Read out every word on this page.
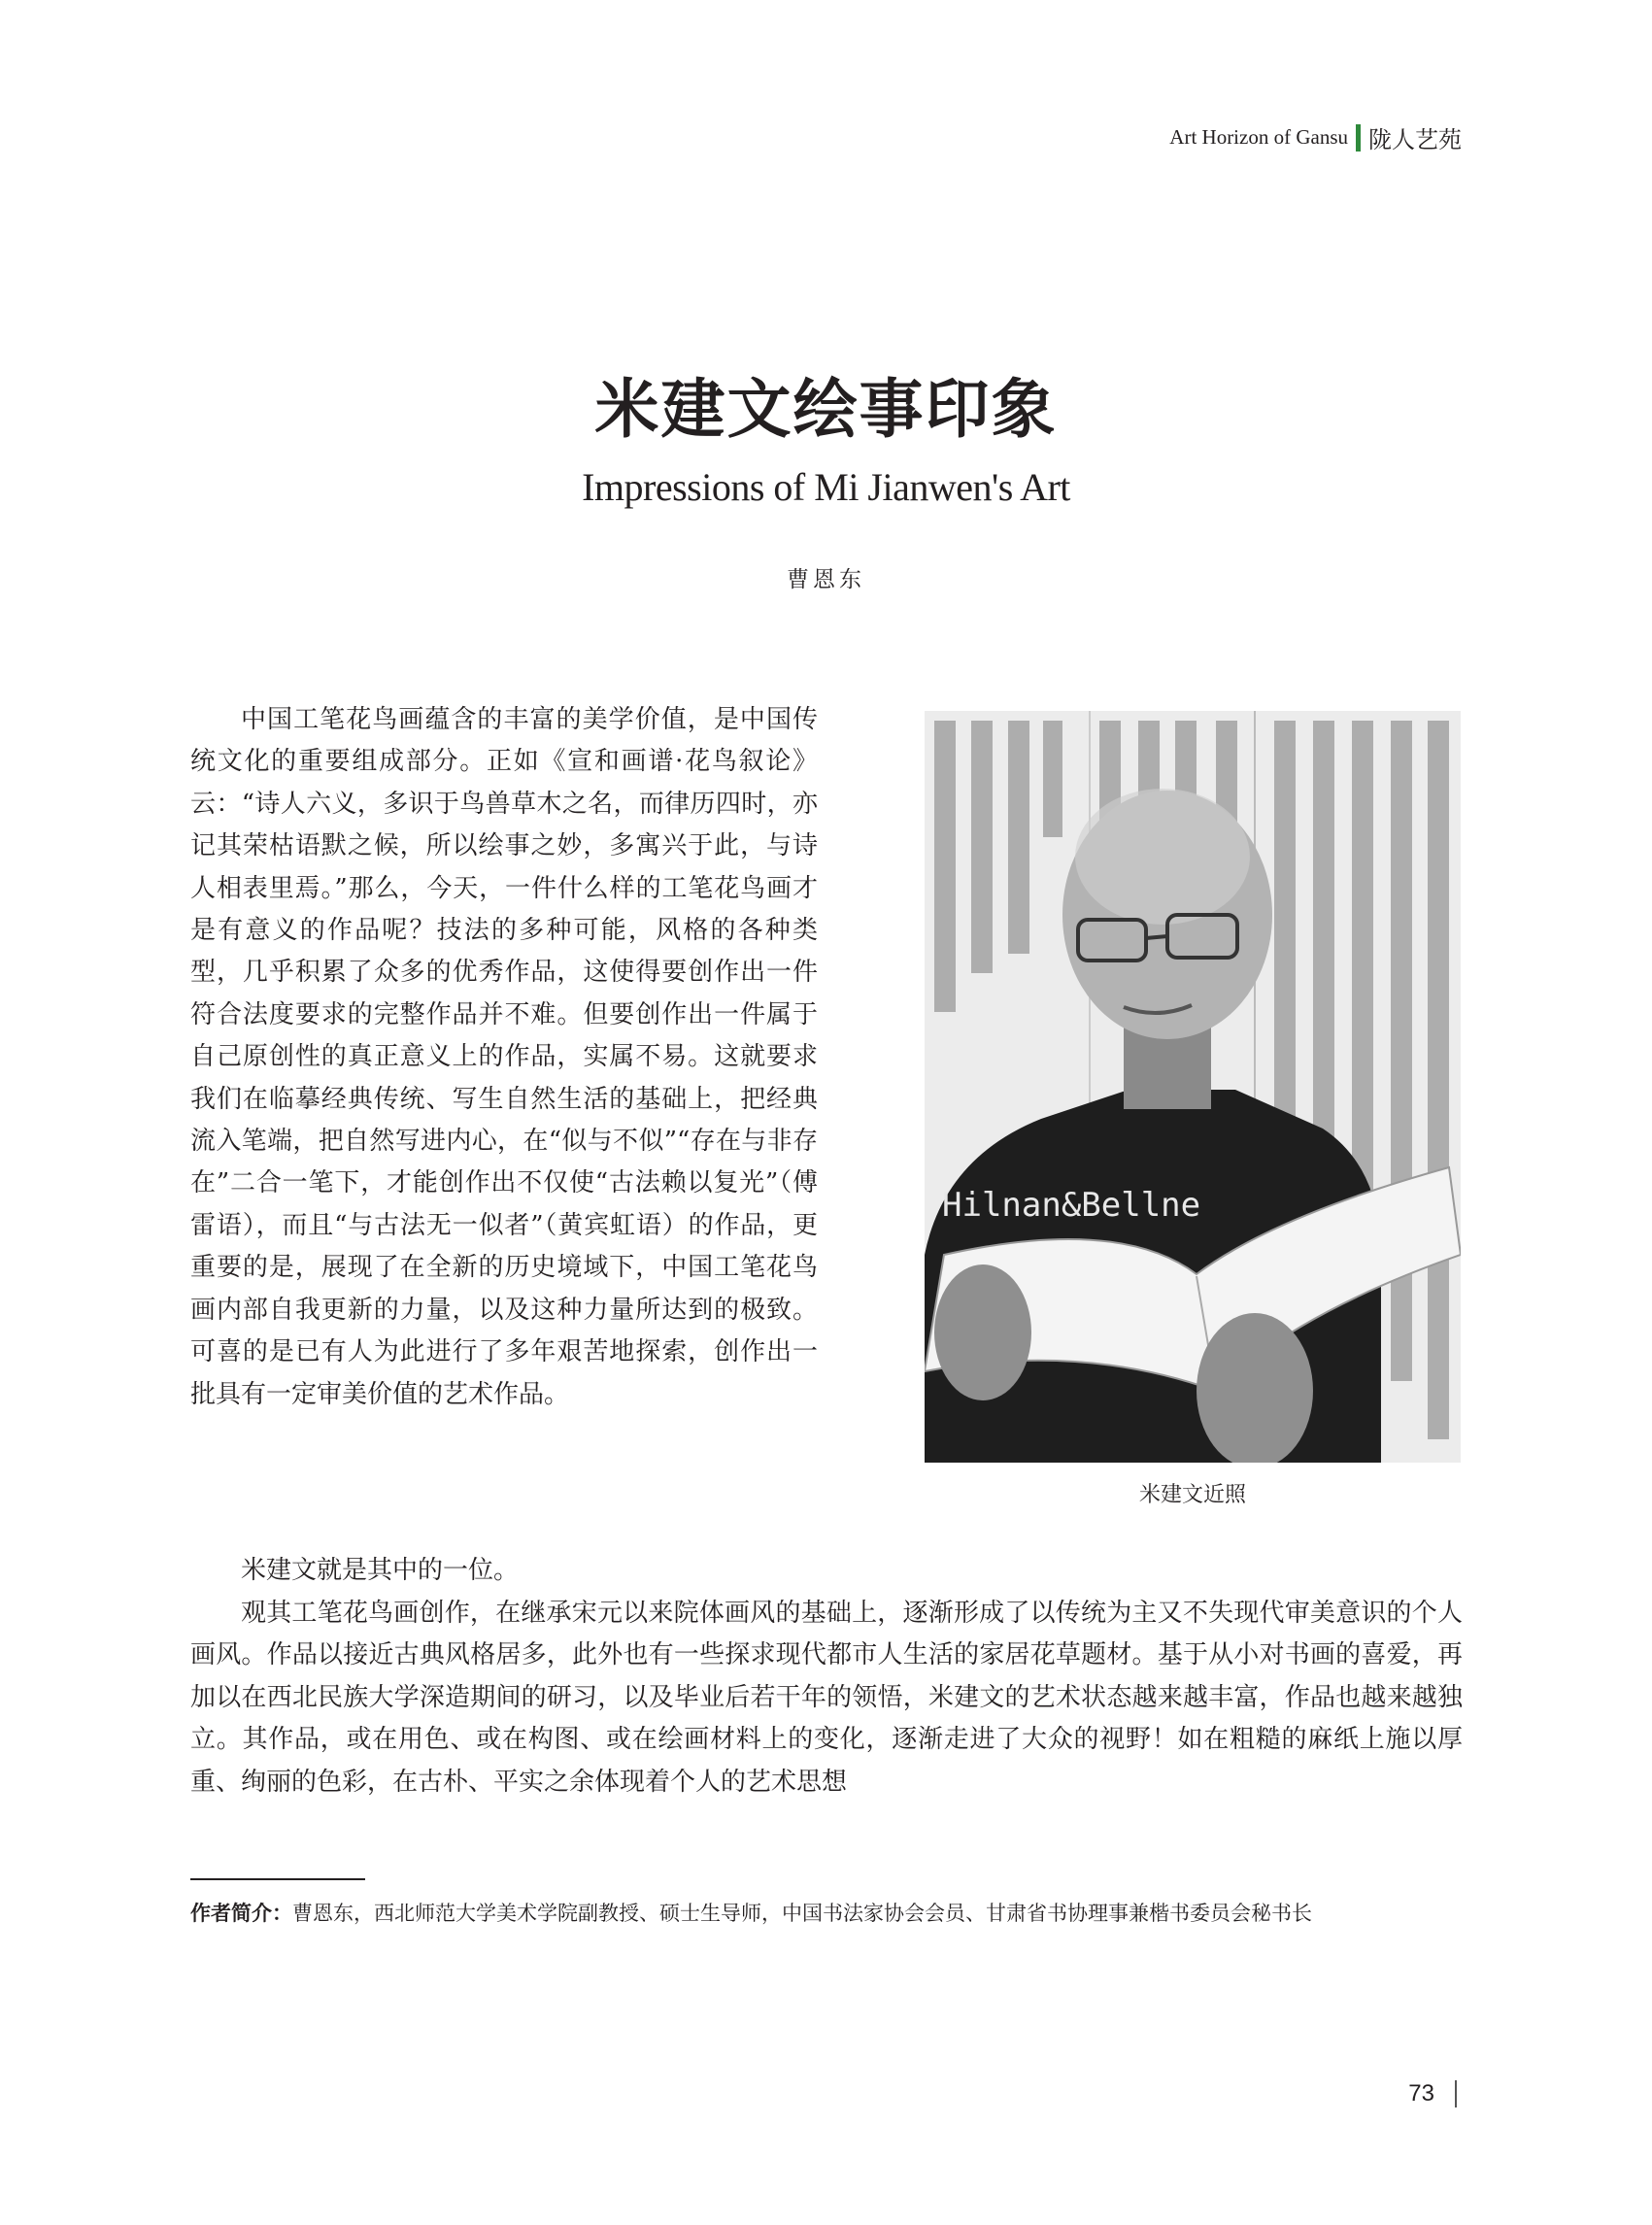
Art Horizon of Gansu 陇人艺苑
米建文绘事印象
Impressions of Mi Jianwen's Art
曹恩东

中国工笔花鸟画蕴含的丰富的美学价值，是中国传统文化的重要组成部分。正如《宣和画谱·花鸟叙论》云：“诗人六义，多识于鸟兽草木之名，而律历四时，亦记其荣枯语默之候，所以绘事之妙，多寓兴于此，与诗人相表里焉。”那么，今天，一件什么样的工笔花鸟画才是有意义的作品呢？技法的多种可能，风格的各种类型，几乎积累了众多的优秀作品，这使得要创作出一件符合法度要求的完整作品并不难。但要创作出一件属于自己原创性的真正意义上的作品，实属不易。这就要求我们在临摹经典传统、写生自然生活的基础上，把经典流入笔端，把自然写进内心，在“似与不似”“存在与非存在”二合一笔下，才能创作出不仅使“古法赖以复光”（傅雷语），而且“与古法无一似者”（黄宾虹语）的作品，更重要的是，展现了在全新的历史境域下，中国工笔花鸟画内部自我更新的力量，以及这种力量所达到的极致。可喜的是已有人为此进行了多年艰苦地探索，创作出一批具有一定审美价值的艺术作品。

Hilnan&Bellne
米建文近照

米建文就是其中的一位。

观其工笔花鸟画创作，在继承宋元以来院体画风的基础上，逐渐形成了以传统为主又不失现代审美意识的个人画风。作品以接近古典风格居多，此外也有一些探求现代都市人生活的家居花草题材。基于从小对书画的喜爱，再加以在西北民族大学深造期间的研习，以及毕业后若干年的领悟，米建文的艺术状态越来越丰富，作品也越来越独立。其作品，或在用色、或在构图、或在绘画材料上的变化，逐渐走进了大众的视野！如在粗糙的麻纸上施以厚重、绚丽的色彩，在古朴、平实之余体现着个人的艺术思想

作者简介：曹恩东，西北师范大学美术学院副教授、硕士生导师，中国书法家协会会员、甘肃省书协理事兼楷书委员会秘书长
73
